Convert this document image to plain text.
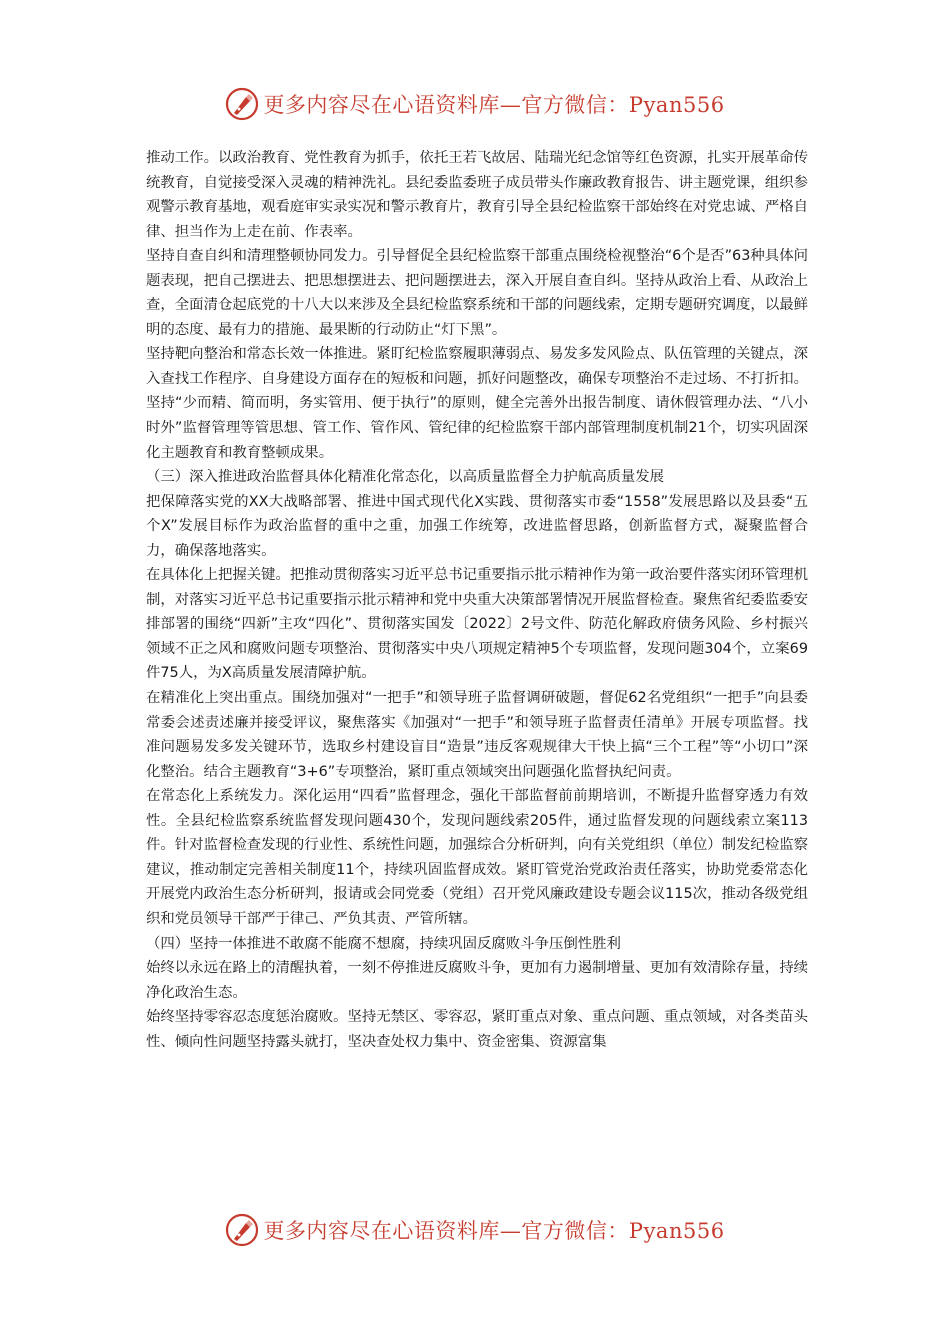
更多内容尽在心语资料库—官方微信：Pyan556

推动工作。以政治教育、党性教育为抓手，依托王若飞故居、陆瑞光纪念馆等红色资源，扎实开展革命传统教育，自觉接受深入灵魂的精神洗礼。县纪委监委班子成员带头作廉政教育报告、讲主题党课，组织参观警示教育基地，观看庭审实录实况和警示教育片，教育引导全县纪检监察干部始终在对党忠诚、严格自律、担当作为上走在前、作表率。

坚持自查自纠和清理整顿协同发力。引导督促全县纪检监察干部重点围绕检视整治“6个是否”63种具体问题表现，把自己摆进去、把思想摆进去、把问题摆进去，深入开展自查自纠。坚持从政治上看、从政治上查，全面清仓起底党的十八大以来涉及全县纪检监察系统和干部的问题线索，定期专题研究调度，以最鲜明的态度、最有力的措施、最果断的行动防止“灯下黑”。

坚持靶向整治和常态长效一体推进。紧盯纪检监察履职薄弱点、易发多发风险点、队伍管理的关键点，深入查找工作程序、自身建设方面存在的短板和问题，抓好问题整改，确保专项整治不走过场、不打折扣。坚持“少而精、简而明，务实管用、便于执行”的原则，健全完善外出报告制度、请休假管理办法、“八小时外”监督管理等管思想、管工作、管作风、管纪律的纪检监察干部内部管理制度机制21个，切实巩固深化主题教育和教育整顿成果。

（三）深入推进政治监督具体化精准化常态化，以高质量监督全力护航高质量发展

把保障落实党的XX大战略部署、推进中国式现代化X实践、贯彻落实市委“1558”发展思路以及县委“五个X”发展目标作为政治监督的重中之重，加强工作统筹，改进监督思路，创新监督方式，凝聚监督合力，确保落地落实。

在具体化上把握关键。把推动贯彻落实习近平总书记重要指示批示精神作为第一政治要件落实闭环管理机制，对落实习近平总书记重要指示批示精神和党中央重大决策部署情况开展监督检查。聚焦省纪委监委安排部署的围绕“四新”主攻“四化”、贯彻落实国发〔2022〕2号文件、防范化解政府债务风险、乡村振兴领域不正之风和腐败问题专项整治、贯彻落实中央八项规定精神5个专项监督，发现问题304个，立案69件75人，为X高质量发展清障护航。

在精准化上突出重点。围绕加强对“一把手”和领导班子监督调研破题，督促62名党组织“一把手”向县委常委会述责述廉并接受评议，聚焦落实《加强对“一把手”和领导班子监督责任清单》开展专项监督。找准问题易发多发关键环节，选取乡村建设盲目“造景”违反客观规律大干快上搞“三个工程”等“小切口”深化整治。结合主题教育“3+6”专项整治，紧盯重点领域突出问题强化监督执纪问责。

在常态化上系统发力。深化运用“四看”监督理念，强化干部监督前前期培训，不断提升监督穿透力有效性。全县纪检监察系统监督发现问题430个，发现问题线索205件，通过监督发现的问题线索立案113件。针对监督检查发现的行业性、系统性问题，加强综合分析研判，向有关党组织（单位）制发纪检监察建议，推动制定完善相关制度11个，持续巩固监督成效。紧盯管党治党政治责任落实，协助党委常态化开展党内政治生态分析研判，报请或会同党委（党组）召开党风廉政建设专题会议115次，推动各级党组织和党员领导干部严于律己、严负其责、严管所辖。

（四）坚持一体推进不敢腐不能腐不想腐，持续巩固反腐败斗争压倒性胜利

始终以永远在路上的清醒执着，一刻不停推进反腐败斗争，更加有力遏制增量、更加有效清除存量，持续净化政治生态。

始终坚持零容忍态度惩治腐败。坚持无禁区、零容忍，紧盯重点对象、重点问题、重点领域，对各类苗头性、倾向性问题坚持露头就打，坚决查处权力集中、资金密集、资源富集

更多内容尽在心语资料库—官方微信：Pyan556
